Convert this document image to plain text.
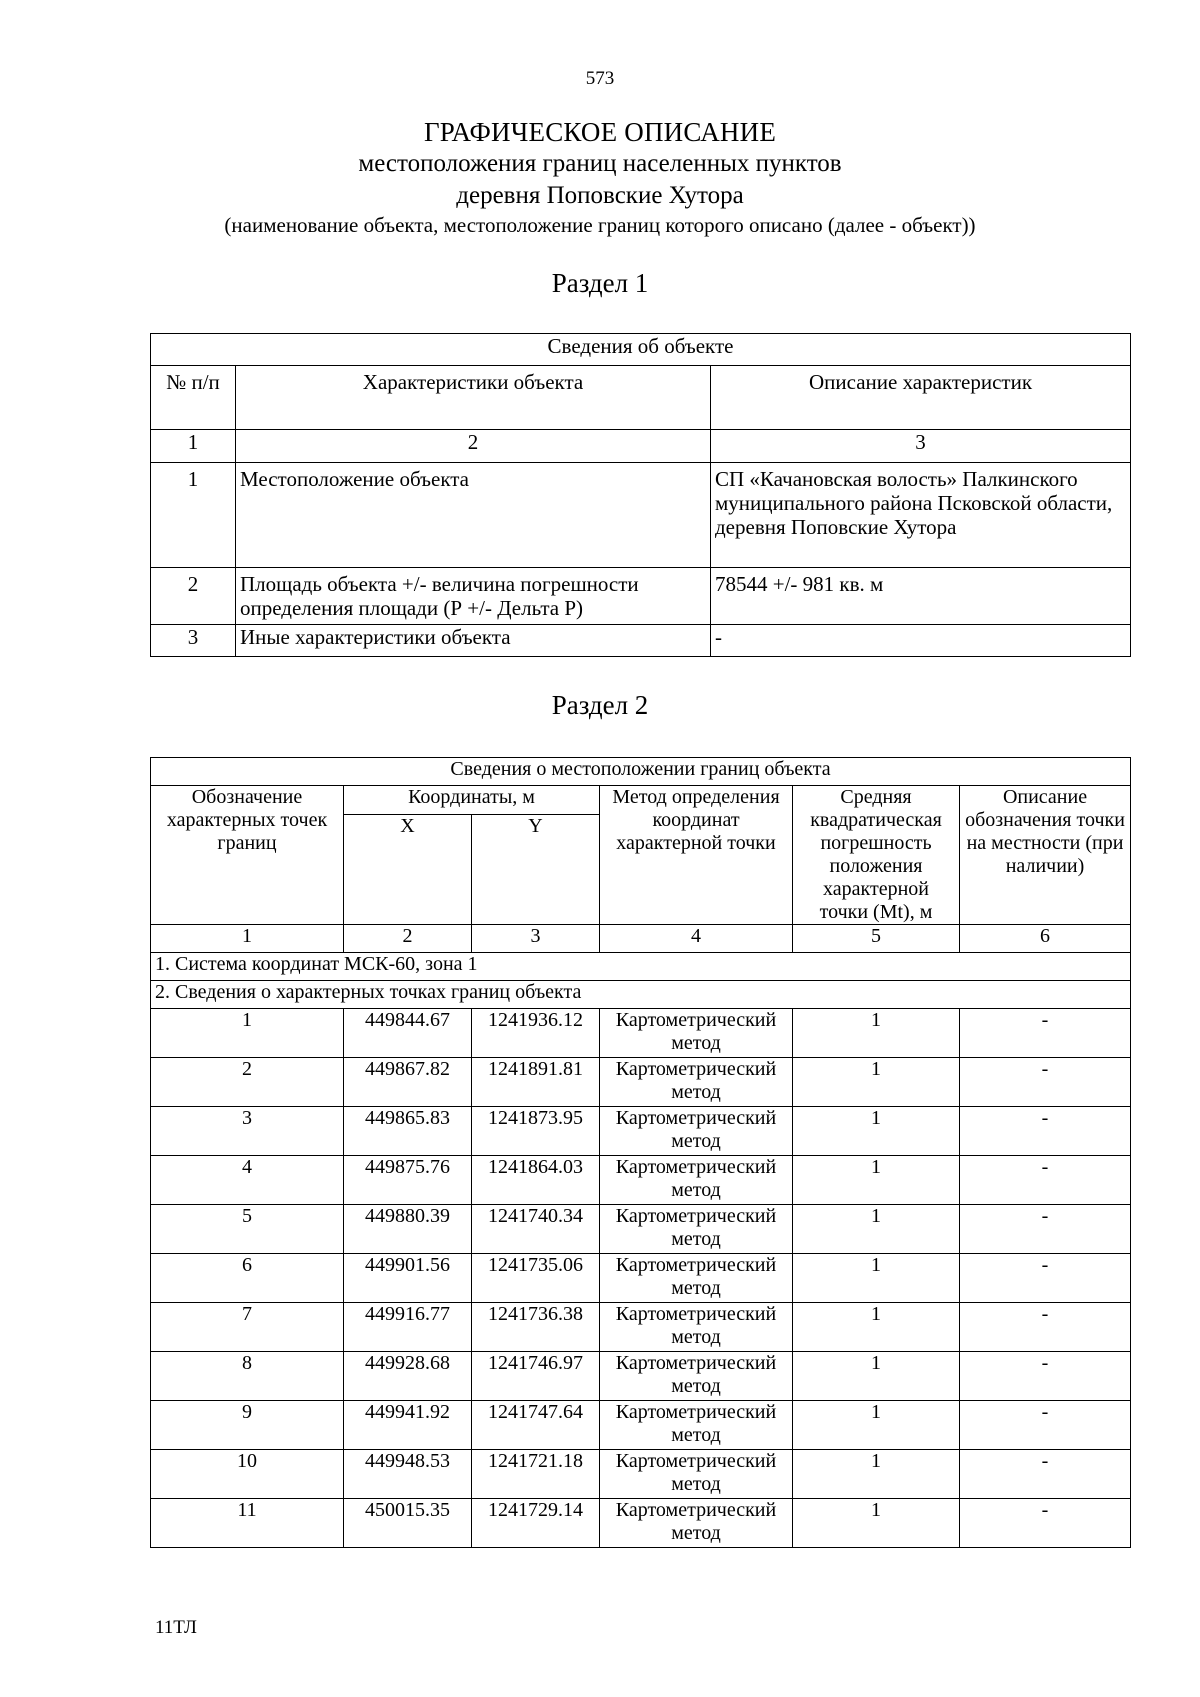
573
ГРАФИЧЕСКОЕ ОПИСАНИЕ
местоположения границ населенных пунктов
деревня Поповские Хутора
(наименование объекта, местоположение границ которого описано (далее - объект))
Раздел 1
Сведения об объекте		
№ п/п	Характеристики объекта	Описание характеристик
1	2	3
1	Местоположение объекта	СП «Качановская волость» Палкинского муниципального района Псковской области, деревня Поповские Хутора
2	Площадь объекта +/- величина погрешности определения площади (Р +/- Дельта Р)	78544 +/- 981 кв. м
3	Иные характеристики объекта	-
Раздел 2
Сведения о местоположении границ объекта					
Обозначение характерных точек границ	Координаты, м		Метод определения координат характерной точки	Средняя квадратическая погрешность положения характерной точки (Mt), м	Описание обозначения точки на местности (при наличии)
	X	Y			
1	2	3	4	5	6
1. Система координат МСК-60, зона 1					
2. Сведения о характерных точках границ объекта					
1	449844.67	1241936.12	Картометрический метод	1	-
2	449867.82	1241891.81	Картометрический метод	1	-
3	449865.83	1241873.95	Картометрический метод	1	-
4	449875.76	1241864.03	Картометрический метод	1	-
5	449880.39	1241740.34	Картометрический метод	1	-
6	449901.56	1241735.06	Картометрический метод	1	-
7	449916.77	1241736.38	Картометрический метод	1	-
8	449928.68	1241746.97	Картометрический метод	1	-
9	449941.92	1241747.64	Картометрический метод	1	-
10	449948.53	1241721.18	Картометрический метод	1	-
11	450015.35	1241729.14	Картометрический метод	1	-
11ТЛ
